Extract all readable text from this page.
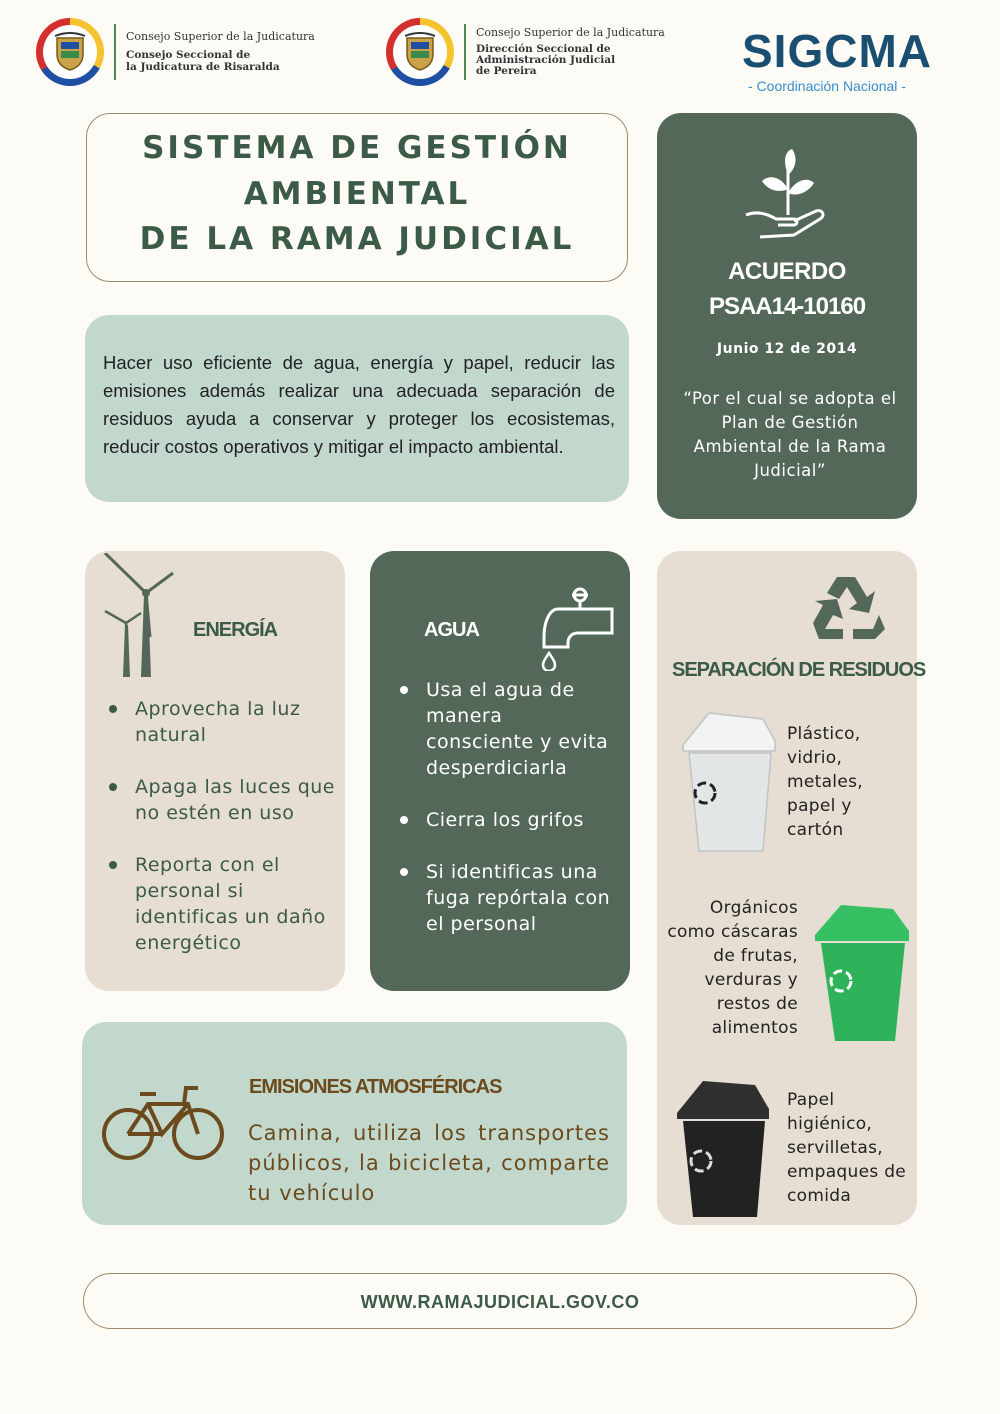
Consejo Superior de la Judicatura
Consejo Seccional de
la Judicatura de Risaralda
Consejo Superior de la Judicatura
Dirección Seccional de
Administración Judicial
de Pereira	SIGCMA
- Coordinación Nacional -
SISTEMA DE GESTIÓN
AMBIENTAL
DE LA RAMA JUDICIAL
Hacer uso eficiente de agua, energía y papel, reducir las emisiones además realizar una adecuada separación de residuos ayuda a conservar y proteger los ecosistemas, reducir costos operativos y mitigar el impacto ambiental.
ACUERDO
PSAA14-10160
Junio 12 de 2014
“Por el cual se adopta el Plan de Gestión Ambiental de la Rama Judicial”
ENERGÍA
Aprovecha la luz natural
Apaga las luces que no estén en uso
Reporta con el personal si identificas un daño energético
AGUA
Usa el agua de manera consciente y evita desperdiciarla
Cierra los grifos
Si identificas una fuga repórtala con el personal
SEPARACIÓN DE RESIDUOS
Plástico, vidrio, metales, papel y cartón
Orgánicos como cáscaras de frutas, verduras y restos de alimentos
Papel higiénico, servilletas, empaques de comida
EMISIONES ATMOSFÉRICAS
Camina, utiliza los transportes públicos, la bicicleta, comparte tu vehículo
WWW.RAMAJUDICIAL.GOV.CO
